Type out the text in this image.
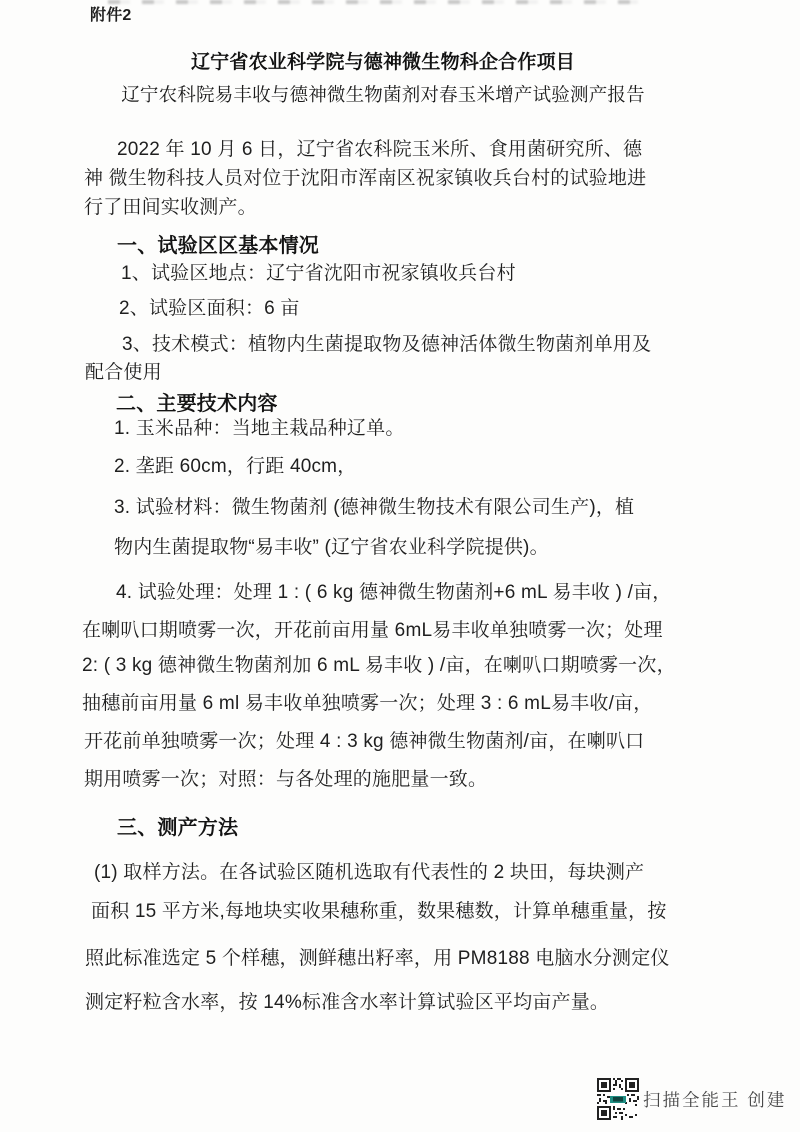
附件2
辽宁省农业科学院与德神微生物科企合作项目
辽宁农科院易丰收与德神微生物菌剂对春玉米增产试验测产报告
2022 年 10 月 6 日，辽宁省农科院玉米所、食用菌研究所、德
神 微生物科技人员对位于沈阳市浑南区祝家镇收兵台村的试验地进
行了田间实收测产。
一、试验区区基本情况
1、试验区地点：辽宁省沈阳市祝家镇收兵台村
2、试验区面积：6 亩
3、技术模式：植物内生菌提取物及德神活体微生物菌剂单用及
配合使用
二、主要技术内容
1. 玉米品种：当地主栽品种辽单。
2. 垄距 60cm，行距 40cm，
3. 试验材料：微生物菌剂 (德神微生物技术有限公司生产)，植
物内生菌提取物“易丰收” (辽宁省农业科学院提供)。
4. 试验处理：处理 1 : ( 6 kg 德神微生物菌剂+6 mL 易丰收 ) /亩，
在喇叭口期喷雾一次，开花前亩用量 6mL易丰收单独喷雾一次；处理
2: ( 3 kg 德神微生物菌剂加 6 mL 易丰收 ) /亩，在喇叭口期喷雾一次，
抽穗前亩用量 6 ml 易丰收单独喷雾一次；处理 3 : 6 mL易丰收/亩，
开花前单独喷雾一次；处理 4 : 3 kg 德神微生物菌剂/亩，在喇叭口
期用喷雾一次；对照：与各处理的施肥量一致。
三、测产方法
(1) 取样方法。在各试验区随机选取有代表性的 2 块田，每块测产
面积 15 平方米,每地块实收果穗称重，数果穗数，计算单穗重量，按
照此标准选定 5 个样穗，测鲜穗出籽率，用 PM8188 电脑水分测定仪
测定籽粒含水率，按 14%标准含水率计算试验区平均亩产量。
扫描全能王 创建
